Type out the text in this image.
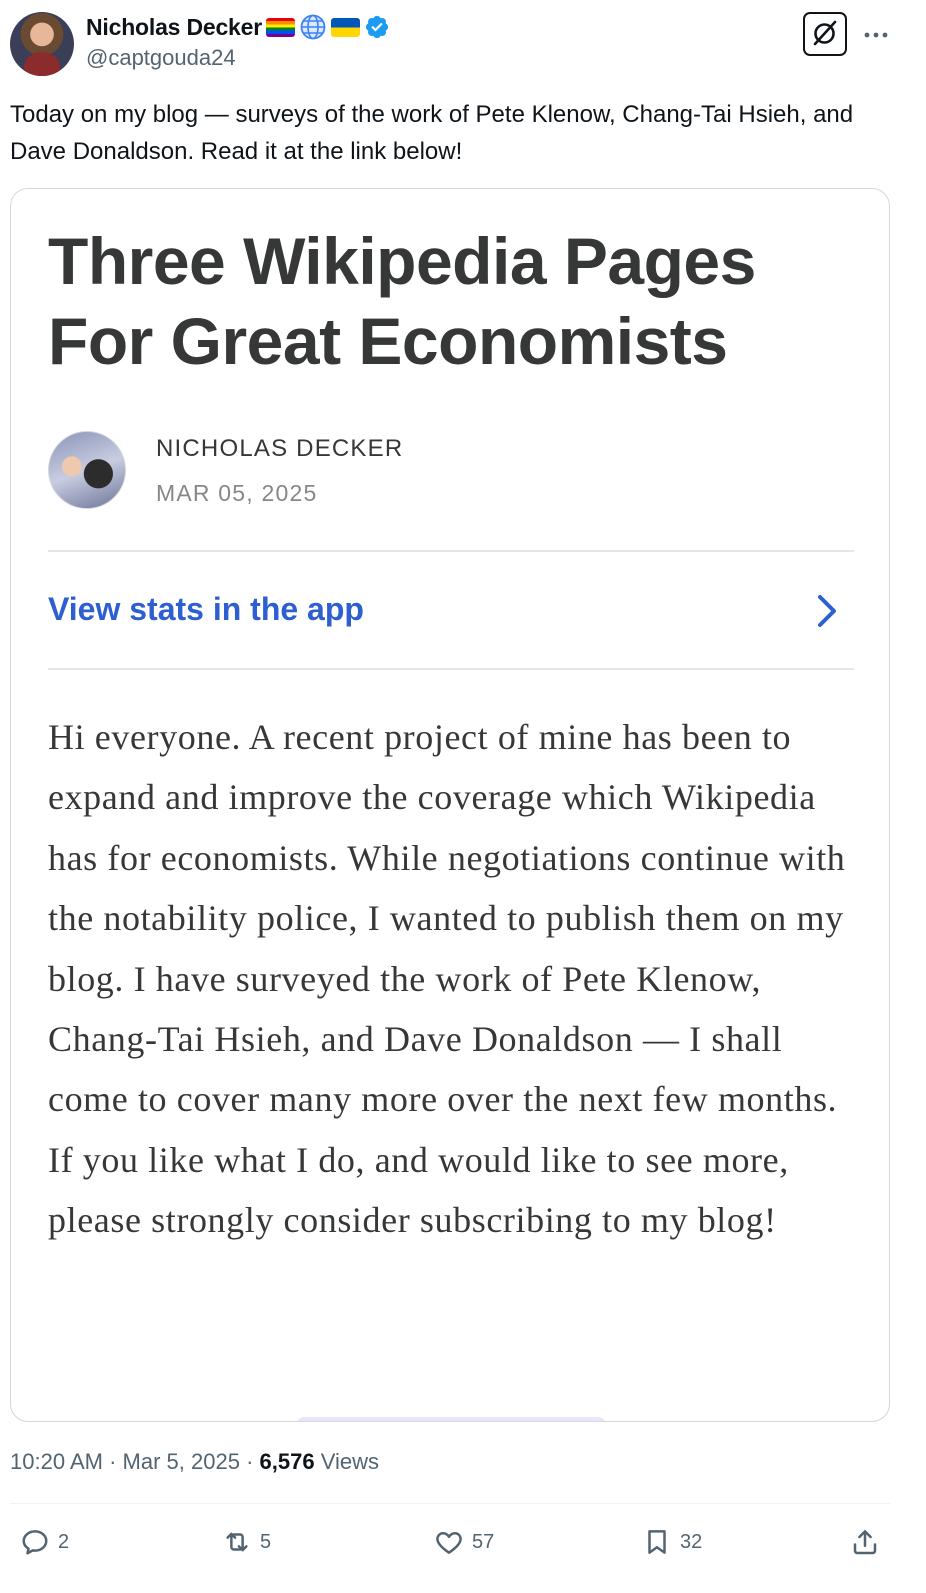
Nicholas Decker
@captgouda24
Today on my blog — surveys of the work of Pete Klenow, Chang-Tai Hsieh, and Dave Donaldson. Read it at the link below!
Three Wikipedia Pages For Great Economists
NICHOLAS DECKER
MAR 05, 2025
View stats in the app
Hi everyone. A recent project of mine has been to expand and improve the coverage which Wikipedia has for economists. While negotiations continue with the notability police, I wanted to publish them on my blog. I have surveyed the work of Pete Klenow, Chang-Tai Hsieh, and Dave Donaldson — I shall come to cover many more over the next few months. If you like what I do, and would like to see more, please strongly consider subscribing to my blog!
10:20 AM · Mar 5, 2025 · 6,576 Views
2	5	57	32
